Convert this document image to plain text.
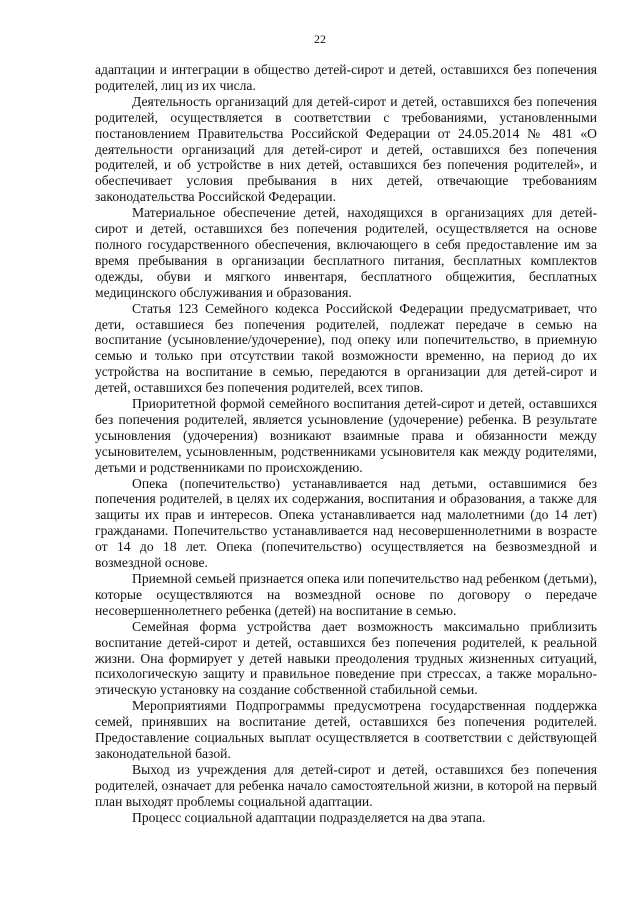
22

адаптации и интеграции в общество детей-сирот и детей, оставшихся без попечения родителей, лиц из их числа.

Деятельность организаций для детей-сирот и детей, оставшихся без попечения родителей, осуществляется в соответствии с требованиями, установленными постановлением Правительства Российской Федерации от 24.05.2014 № 481 «О деятельности организаций для детей-сирот и детей, оставшихся без попечения родителей, и об устройстве в них детей, оставшихся без попечения родителей», и обеспечивает условия пребывания в них детей, отвечающие требованиям законодательства Российской Федерации.

Материальное обеспечение детей, находящихся в организациях для детей-сирот и детей, оставшихся без попечения родителей, осуществляется на основе полного государственного обеспечения, включающего в себя предоставление им за время пребывания в организации бесплатного питания, бесплатных комплектов одежды, обуви и мягкого инвентаря, бесплатного общежития, бесплатных медицинского обслуживания и образования.

Статья 123 Семейного кодекса Российской Федерации предусматривает, что дети, оставшиеся без попечения родителей, подлежат передаче в семью на воспитание (усыновление/удочерение), под опеку или попечительство, в приемную семью и только при отсутствии такой возможности временно, на период до их устройства на воспитание в семью, передаются в организации для детей-сирот и детей, оставшихся без попечения родителей, всех типов.

Приоритетной формой семейного воспитания детей-сирот и детей, оставшихся без попечения родителей, является усыновление (удочерение) ребенка. В результате усыновления (удочерения) возникают взаимные права и обязанности между усыновителем, усыновленным, родственниками усыновителя как между родителями, детьми и родственниками по происхождению.

Опека (попечительство) устанавливается над детьми, оставшимися без попечения родителей, в целях их содержания, воспитания и образования, а также для защиты их прав и интересов. Опека устанавливается над малолетними (до 14 лет) гражданами. Попечительство устанавливается над несовершеннолетними в возрасте от 14 до 18 лет. Опека (попечительство) осуществляется на безвозмездной и возмездной основе.

Приемной семьей признается опека или попечительство над ребенком (детьми), которые осуществляются на возмездной основе по договору о передаче несовершеннолетнего ребенка (детей) на воспитание в семью.

Семейная форма устройства дает возможность максимально приблизить воспитание детей-сирот и детей, оставшихся без попечения родителей, к реальной жизни. Она формирует у детей навыки преодоления трудных жизненных ситуаций, психологическую защиту и правильное поведение при стрессах, а также морально-этическую установку на создание собственной стабильной семьи.

Мероприятиями Подпрограммы предусмотрена государственная поддержка семей, принявших на воспитание детей, оставшихся без попечения родителей. Предоставление социальных выплат осуществляется в соответствии с действующей законодательной базой.

Выход из учреждения для детей-сирот и детей, оставшихся без попечения родителей, означает для ребенка начало самостоятельной жизни, в которой на первый план выходят проблемы социальной адаптации.

Процесс социальной адаптации подразделяется на два этапа.
